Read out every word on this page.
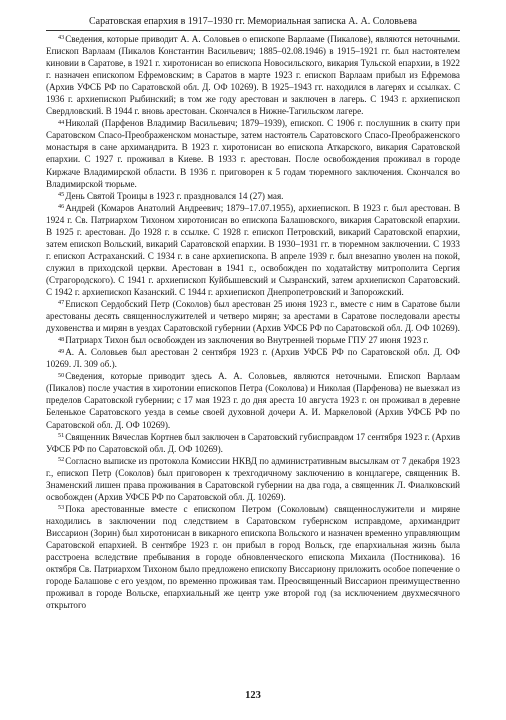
Саратовская епархия в 1917–1930 гг. Мемориальная записка А. А. Соловьева

$^{43}$Сведения, которые приводит А. А. Соловьев о епископе Варлааме (Пикалове), являются неточными. Епископ Варлаам (Пикалов Константин Васильевич; 1885–02.08.1946) в 1915–1921 гг. был настоятелем киновии в Саратове, в 1921 г. хиротонисан во епископа Новосильского, викария Тульской епархии, в 1922 г. назначен епископом Ефремовским; в Саратов в марте 1923 г. епископ Варлаам прибыл из Ефремова (Архив УФСБ РФ по Саратовской обл. Д. ОФ 10269). В 1925–1943 гг. находился в лагерях и ссылках. С 1936 г. архиепископ Рыбинский; в том же году арестован и заключен в лагерь. С 1943 г. архиепископ Свердловский. В 1944 г. вновь арестован. Скончался в Нижне-Тагильском лагере.

$^{44}$Николай (Парфенов Владимир Васильевич; 1879–1939), епископ. С 1906 г. послушник в скиту при Саратовском Спасо-Преображенском монастыре, затем настоятель Саратовского Спасо-Преображенского монастыря в сане архимандрита. В 1923 г. хиротонисан во епископа Аткарского, викария Саратовской епархии. С 1927 г. проживал в Киеве. В 1933 г. арестован. После освобождения проживал в городе Киржаче Владимирской области. В 1936 г. приговорен к 5 годам тюремного заключения. Скончался во Владимирской тюрьме.

$^{45}$День Святой Троицы в 1923 г. праздновался 14 (27) мая.

$^{46}$Андрей (Комаров Анатолий Андреевич; 1879–17.07.1955), архиепископ. В 1923 г. был арестован. В 1924 г. Св. Патриархом Тихоном хиротонисан во епископа Балашовского, викария Саратовской епархии. В 1925 г. арестован. До 1928 г. в ссылке. С 1928 г. епископ Петровский, викарий Саратовской епархии, затем епископ Вольский, викарий Саратовской епархии. В 1930–1931 гг. в тюремном заключении. С 1933 г. епископ Астраханский. С 1934 г. в сане архиепископа. В апреле 1939 г. был внезапно уволен на покой, служил в приходской церкви. Арестован в 1941 г., освобожден по ходатайству митрополита Сергия (Страгородского). С 1941 г. архиепископ Куйбышевский и Сызранский, затем архиепископ Саратовский. С 1942 г. архиепископ Казанский. С 1944 г. архиепископ Днепропетровский и Запорожский.

$^{47}$Епископ Сердобский Петр (Соколов) был арестован 25 июня 1923 г., вместе с ним в Саратове были арестованы десять священнослужителей и четверо мирян; за арестами в Саратове последовали аресты духовенства и мирян в уездах Саратовской губернии (Архив УФСБ РФ по Саратовской обл. Д. ОФ 10269).

$^{48}$Патриарх Тихон был освобожден из заключения во Внутренней тюрьме ГПУ 27 июня 1923 г.

$^{49}$А. А. Соловьев был арестован 2 сентября 1923 г. (Архив УФСБ РФ по Саратовской обл. Д. ОФ 10269. Л. 309 об.).

$^{50}$Сведения, которые приводит здесь А. А. Соловьев, являются неточными. Епископ Варлаам (Пикалов) после участия в хиротонии епископов Петра (Соколова) и Николая (Парфенова) не выезжал из пределов Саратовской губернии; с 17 мая 1923 г. до дня ареста 10 августа 1923 г. он проживал в деревне Беленькое Саратовского уезда в семье своей духовной дочери А. И. Маркеловой (Архив УФСБ РФ по Саратовской обл. Д. ОФ 10269).

$^{51}$Священник Вячеслав Кортнев был заключен в Саратовский губисправдом 17 сентября 1923 г. (Архив УФСБ РФ по Саратовской обл. Д. ОФ 10269).

$^{52}$Согласно выписке из протокола Комиссии НКВД по административным высылкам от 7 декабря 1923 г., епископ Петр (Соколов) был приговорен к трехгодичному заключению в концлагере, священник В. Знаменский лишен права проживания в Саратовской губернии на два года, а священник Л. Фиалковский освобожден (Архив УФСБ РФ по Саратовской обл. Д. 10269).

$^{53}$Пока арестованные вместе с епископом Петром (Соколовым) священнослужители и миряне находились в заключении под следствием в Саратовском губернском исправдоме, архимандрит Виссарион (Зорин) был хиротонисан в викарного епископа Вольского и назначен временно управляющим Саратовской епархией. В сентябре 1923 г. он прибыл в город Вольск, где епархиальная жизнь была расстроена вследствие пребывания в городе обновленческого епископа Михаила (Постникова). 16 октября Св. Патриархом Тихоном было предложено епископу Виссариону приложить особое попечение о городе Балашове с его уездом, по временно проживая там. Преосвященный Виссарион преимущественно проживал в городе Вольске, епархиальный же центр уже второй год (за исключением двухмесячного открытого

123
